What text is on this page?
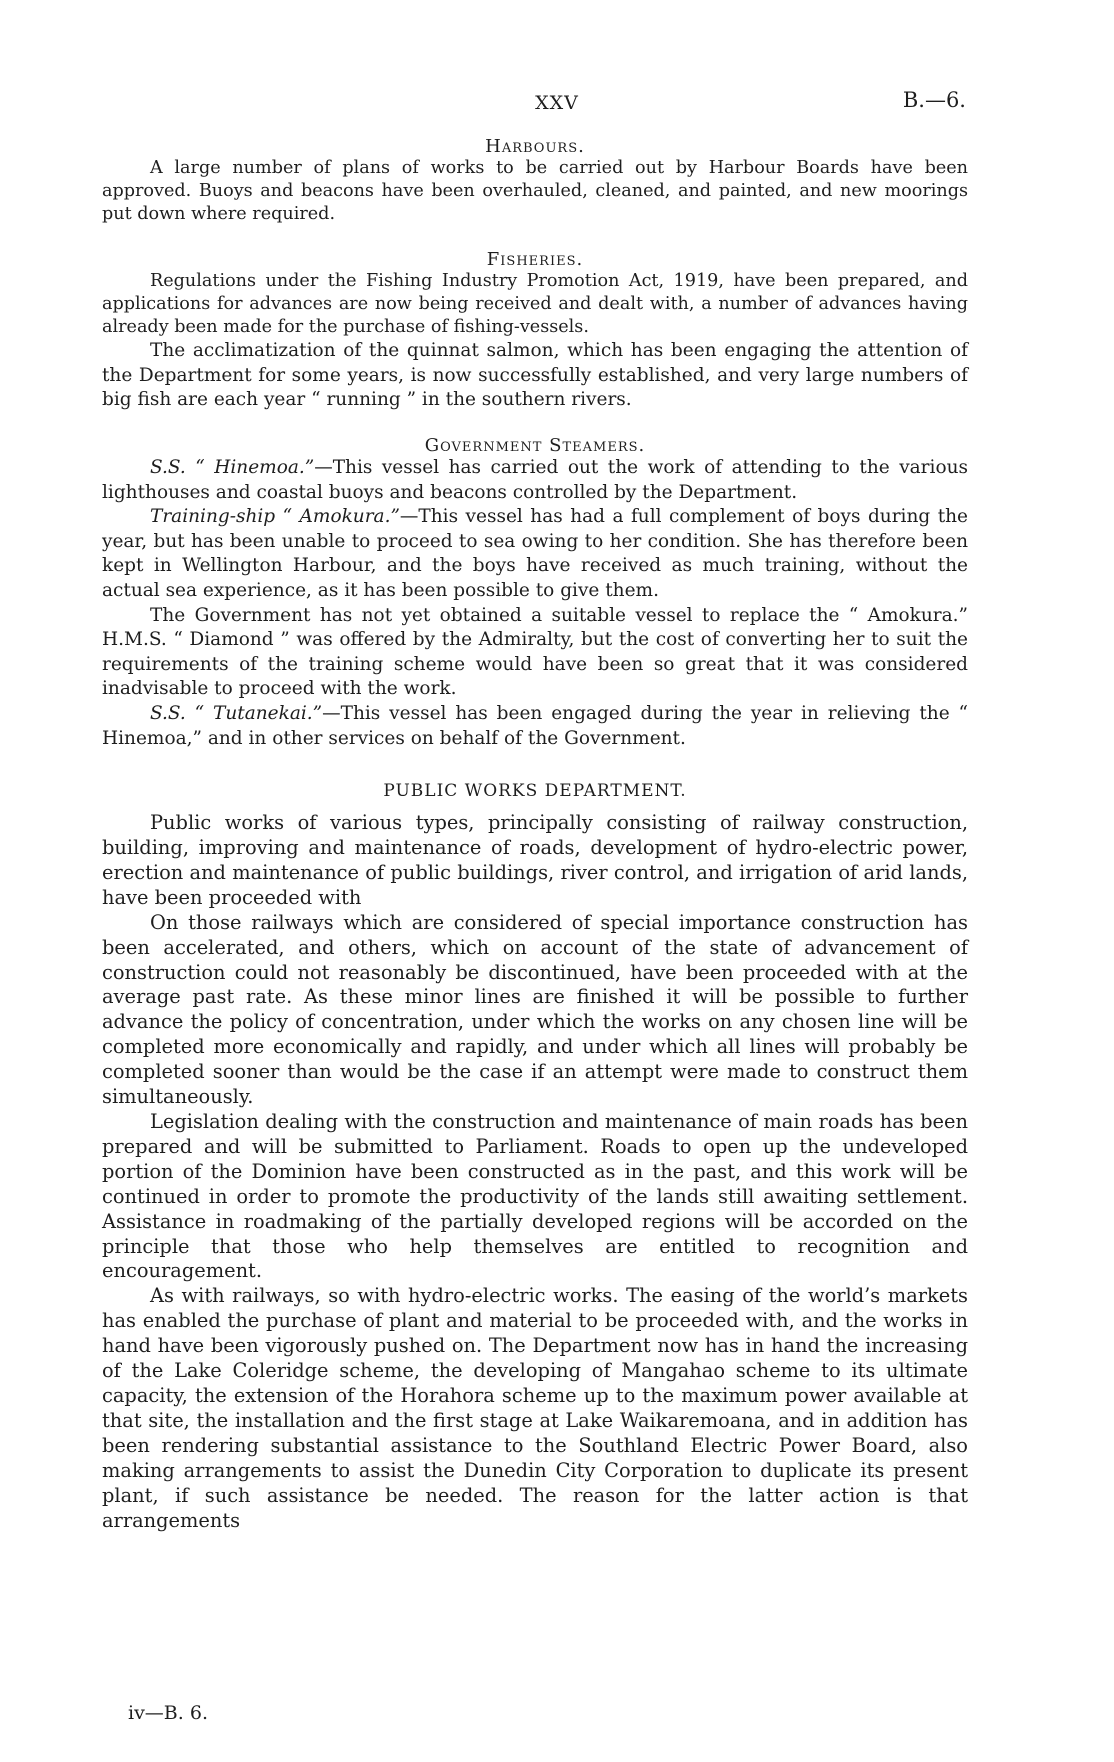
XXV	B.—6.
Harbours.

A large number of plans of works to be carried out by Harbour Boards have been approved. Buoys and beacons have been overhauled, cleaned, and painted, and new moorings put down where required.

Fisheries.

Regulations under the Fishing Industry Promotion Act, 1919, have been prepared, and applications for advances are now being received and dealt with, a number of advances having already been made for the purchase of fishing-vessels.

The acclimatization of the quinnat salmon, which has been engaging the attention of the Department for some years, is now successfully established, and very large numbers of big fish are each year “ running ” in the southern rivers.

Government Steamers.

S.S. “ Hinemoa.”—This vessel has carried out the work of attending to the various lighthouses and coastal buoys and beacons controlled by the Department.

Training-ship “ Amokura.”—This vessel has had a full complement of boys during the year, but has been unable to proceed to sea owing to her condition. She has therefore been kept in Wellington Harbour, and the boys have received as much training, without the actual sea experience, as it has been possible to give them.

The Government has not yet obtained a suitable vessel to replace the “ Amokura.” H.M.S. “ Diamond ” was offered by the Admiralty, but the cost of converting her to suit the requirements of the training scheme would have been so great that it was considered inadvisable to proceed with the work.

S.S. “ Tutanekai.”—This vessel has been engaged during the year in relieving the “ Hinemoa,” and in other services on behalf of the Government.

PUBLIC WORKS DEPARTMENT.

Public works of various types, principally consisting of railway construction, building, improving and maintenance of roads, development of hydro-electric power, erection and maintenance of public buildings, river control, and irrigation of arid lands, have been proceeded with

On those railways which are considered of special importance construction has been accelerated, and others, which on account of the state of advancement of construction could not reasonably be discontinued, have been proceeded with at the average past rate. As these minor lines are finished it will be possible to further advance the policy of concentration, under which the works on any chosen line will be completed more economically and rapidly, and under which all lines will probably be completed sooner than would be the case if an attempt were made to construct them simultaneously.

Legislation dealing with the construction and maintenance of main roads has been prepared and will be submitted to Parliament. Roads to open up the undeveloped portion of the Dominion have been constructed as in the past, and this work will be continued in order to promote the productivity of the lands still awaiting settlement. Assistance in roadmaking of the partially developed regions will be accorded on the principle that those who help themselves are entitled to recognition and encouragement.

As with railways, so with hydro-electric works. The easing of the world’s markets has enabled the purchase of plant and material to be proceeded with, and the works in hand have been vigorously pushed on. The Department now has in hand the increasing of the Lake Coleridge scheme, the developing of Mangahao scheme to its ultimate capacity, the extension of the Horahora scheme up to the maximum power available at that site, the installation and the first stage at Lake Waikaremoana, and in addition has been rendering substantial assistance to the Southland Electric Power Board, also making arrangements to assist the Dunedin City Corporation to duplicate its present plant, if such assistance be needed. The reason for the latter action is that arrangements

iv—B. 6.
